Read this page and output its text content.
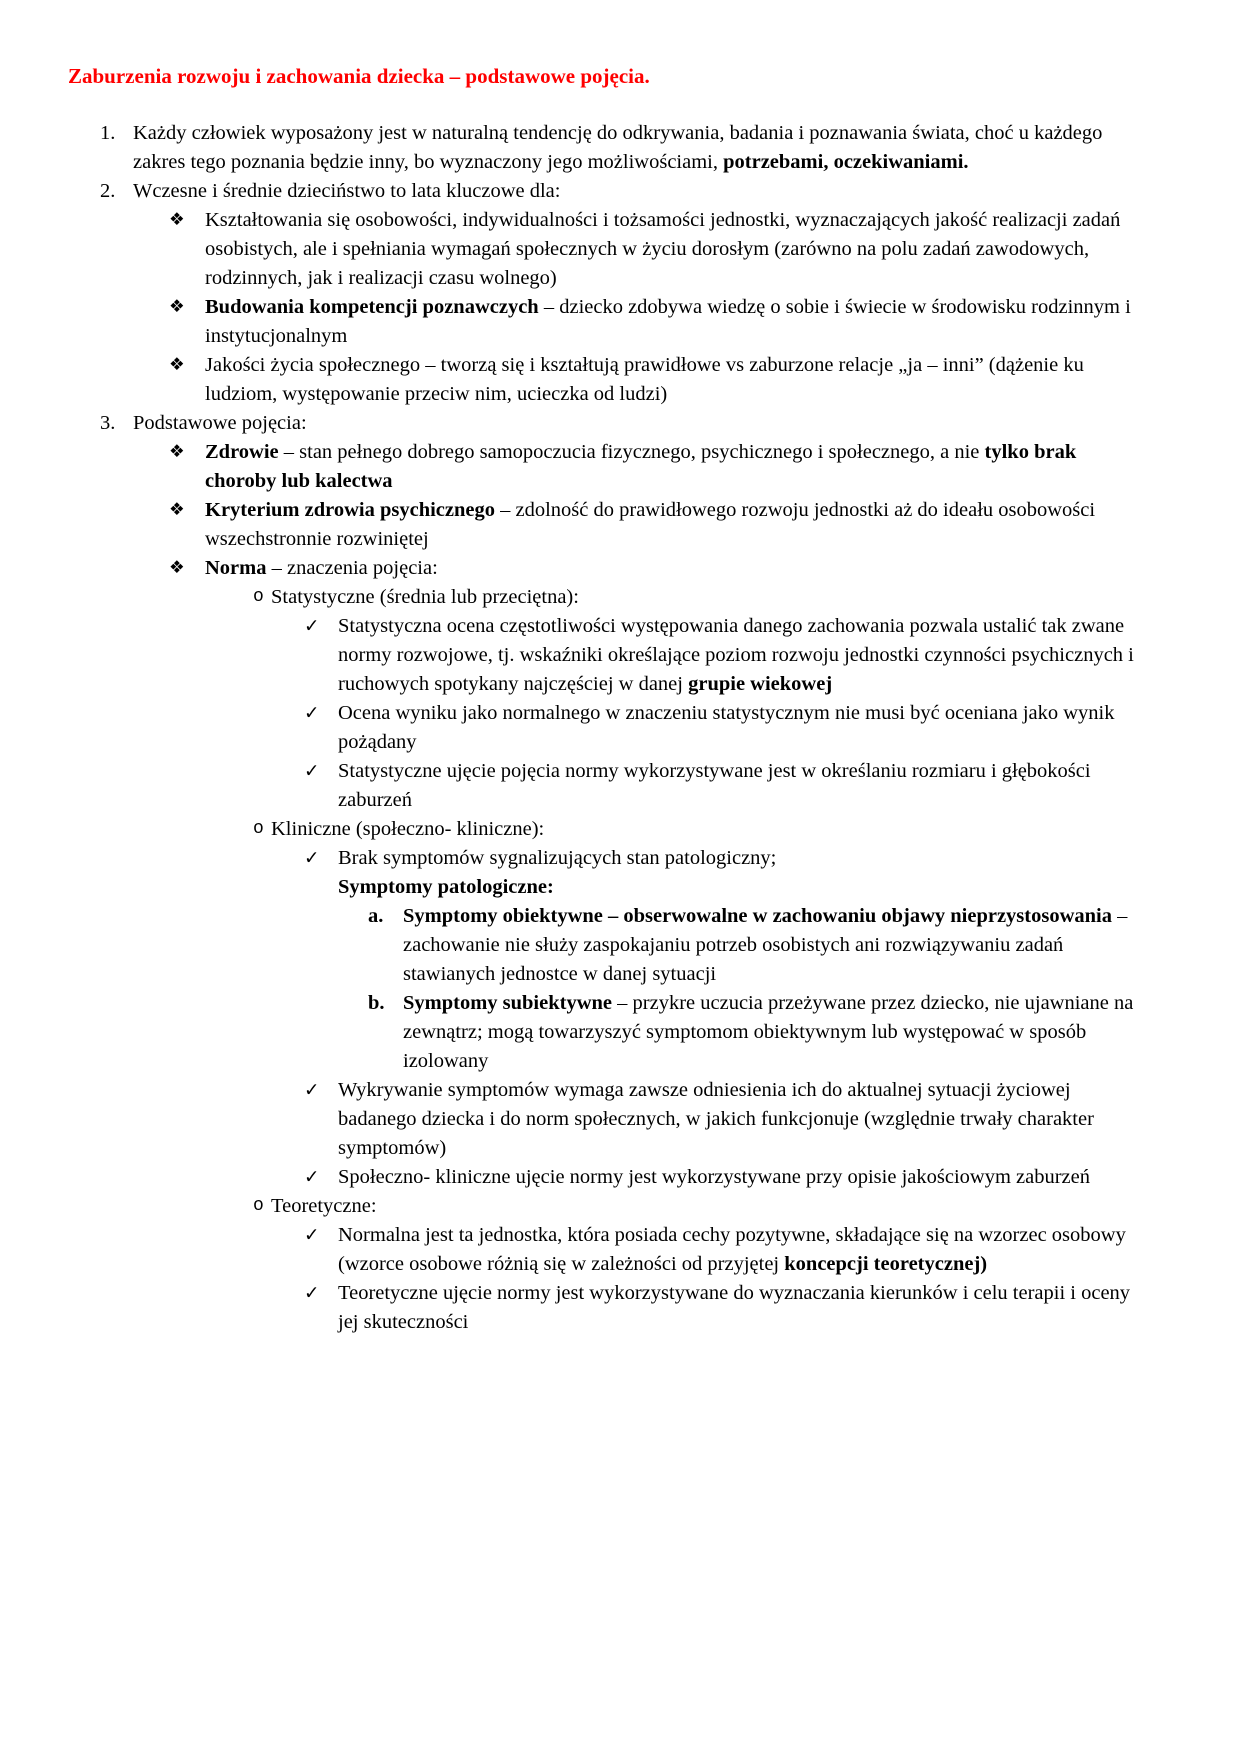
Zaburzenia rozwoju i zachowania dziecka – podstawowe pojęcia.
1. Każdy człowiek wyposażony jest w naturalną tendencję do odkrywania, badania i poznawania świata, choć u każdego zakres tego poznania będzie inny, bo wyznaczony jego możliwościami, potrzebami, oczekiwaniami.
2. Wczesne i średnie dzieciństwo to lata kluczowe dla:
❖ Kształtowania się osobowości, indywidualności i tożsamości jednostki, wyznaczających jakość realizacji zadań osobistych, ale i spełniania wymagań społecznych w życiu dorosłym (zarówno na polu zadań zawodowych, rodzinnych, jak i realizacji czasu wolnego)
❖ Budowania kompetencji poznawczych – dziecko zdobywa wiedzę o sobie i świecie w środowisku rodzinnym i instytucjonalnym
❖ Jakości życia społecznego – tworzą się i kształtują prawidłowe vs zaburzone relacje „ja – inni” (dążenie ku ludziom, występowanie przeciw nim, ucieczka od ludzi)
3. Podstawowe pojęcia:
❖ Zdrowie – stan pełnego dobrego samopoczucia fizycznego, psychicznego i społecznego, a nie tylko brak choroby lub kalectwa
❖ Kryterium zdrowia psychicznego – zdolność do prawidłowego rozwoju jednostki aż do ideału osobowości wszechstronnie rozwiniętej
❖ Norma – znaczenia pojęcia:
o Statystyczne (średnia lub przeciętna):
✓ Statystyczna ocena częstotliwości występowania danego zachowania pozwala ustalić tak zwane normy rozwojowe, tj. wskaźniki określające poziom rozwoju jednostki czynności psychicznych i ruchowych spotykany najczęściej w danej grupie wiekowej
✓ Ocena wyniku jako normalnego w znaczeniu statystycznym nie musi być oceniana jako wynik pożądany
✓ Statystyczne ujęcie pojęcia normy wykorzystywane jest w określaniu rozmiaru i głębokości zaburzeń
o Kliniczne (społeczno- kliniczne):
✓ Brak symptomów sygnalizujących stan patologiczny;
Symptomy patologiczne:
a. Symptomy obiektywne – obserwowalne w zachowaniu objawy nieprzystosowania – zachowanie nie służy zaspokajaniu potrzeb osobistych ani rozwiązywaniu zadań stawianych jednostce w danej sytuacji
b. Symptomy subiektywne – przykre uczucia przeżywane przez dziecko, nie ujawniane na zewnątrz; mogą towarzyszyć symptomom obiektywnym lub występować w sposób izolowany
✓ Wykrywanie symptomów wymaga zawsze odniesienia ich do aktualnej sytuacji życiowej badanego dziecka i do norm społecznych, w jakich funkcjonuje (względnie trwały charakter symptomów)
✓ Społeczno- kliniczne ujęcie normy jest wykorzystywane przy opisie jakościowym zaburzeń
o Teoretyczne:
✓ Normalna jest ta jednostka, która posiada cechy pozytywne, składające się na wzorzec osobowy (wzorce osobowe różnią się w zależności od przyjętej koncepcji teoretycznej)
✓ Teoretyczne ujęcie normy jest wykorzystywane do wyznaczania kierunków i celu terapii i oceny jej skuteczności
